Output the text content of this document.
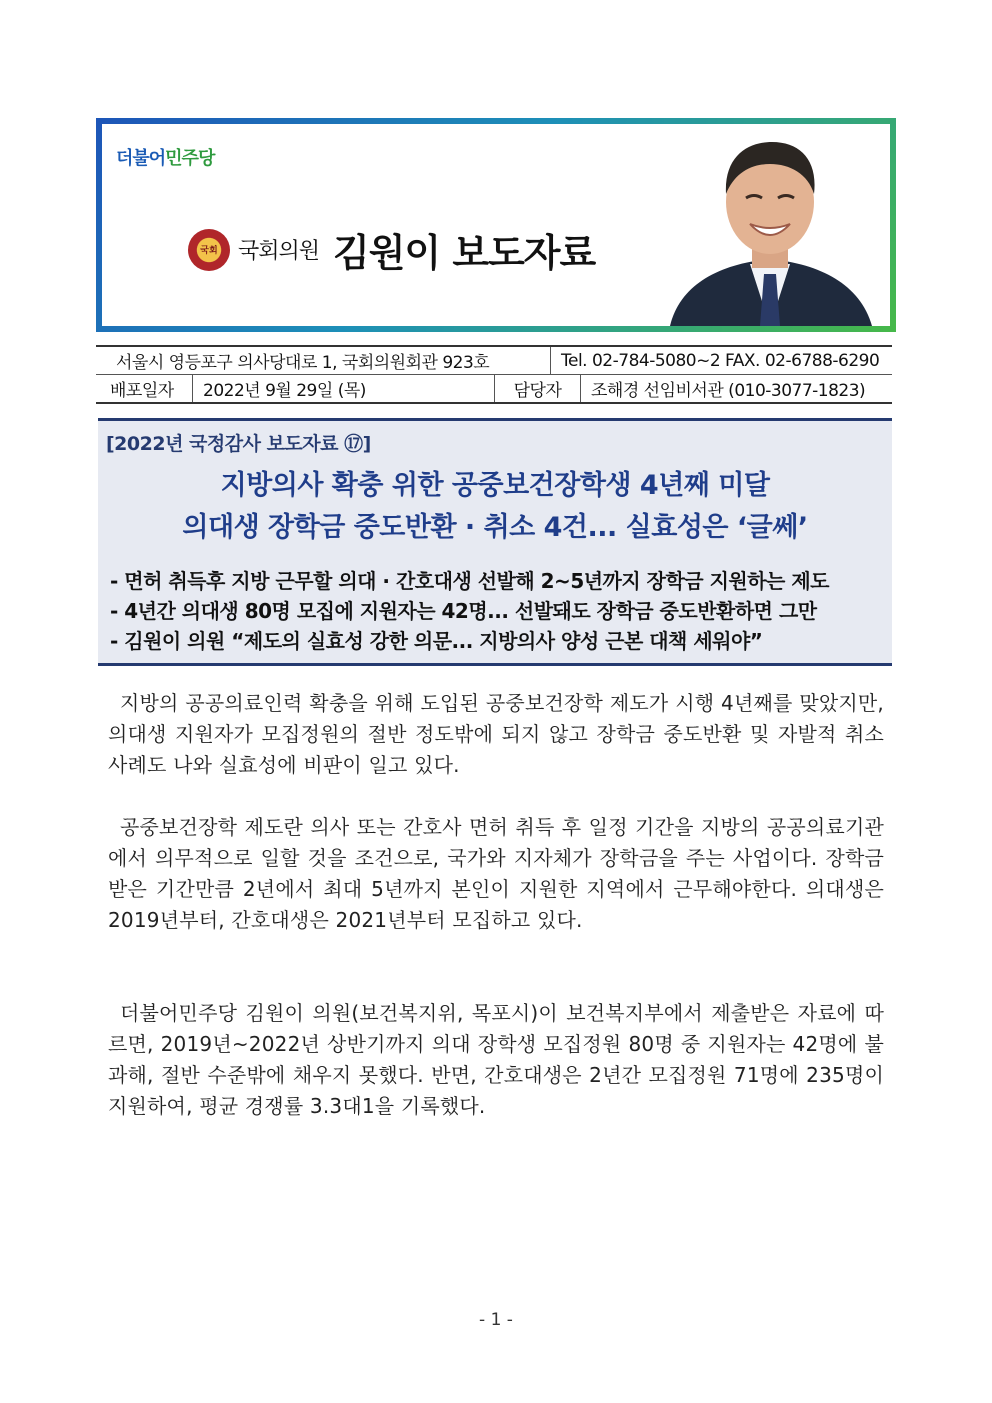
더불어민주당
국회 국회의원 김원이 보도자료
서울시 영등포구 의사당대로 1, 국회의원회관 923호	Tel. 02-784-5080~2 FAX. 02-6788-6290
배포일자	2022년 9월 29일 (목)	담당자	조해경 선임비서관 (010-3077-1823)
[2022년 국정감사 보도자료 ⑰]
지방의사 확충 위한 공중보건장학생 4년째 미달
의대생 장학금 중도반환 · 취소 4건... 실효성은 ‘글쎄’
- 면허 취득후 지방 근무할 의대 · 간호대생 선발해 2~5년까지 장학금 지원하는 제도
- 4년간 의대생 80명 모집에 지원자는 42명... 선발돼도 장학금 중도반환하면 그만
- 김원이 의원 “제도의 실효성 강한 의문... 지방의사 양성 근본 대책 세워야”

지방의 공공의료인력 확충을 위해 도입된 공중보건장학 제도가 시행 4년째를 맞았지만, 의대생 지원자가 모집정원의 절반 정도밖에 되지 않고 장학금 중도반환 및 자발적 취소 사례도 나와 실효성에 비판이 일고 있다.

공중보건장학 제도란 의사 또는 간호사 면허 취득 후 일정 기간을 지방의 공공의료기관에서 의무적으로 일할 것을 조건으로, 국가와 지자체가 장학금을 주는 사업이다. 장학금 받은 기간만큼 2년에서 최대 5년까지 본인이 지원한 지역에서 근무해야한다. 의대생은 2019년부터, 간호대생은 2021년부터 모집하고 있다.

더불어민주당 김원이 의원(보건복지위, 목포시)이 보건복지부에서 제출받은 자료에 따르면, 2019년~2022년 상반기까지 의대 장학생 모집정원 80명 중 지원자는 42명에 불과해, 절반 수준밖에 채우지 못했다. 반면, 간호대생은 2년간 모집정원 71명에 235명이 지원하여, 평균 경쟁률 3.3대1을 기록했다.

- 1 -
